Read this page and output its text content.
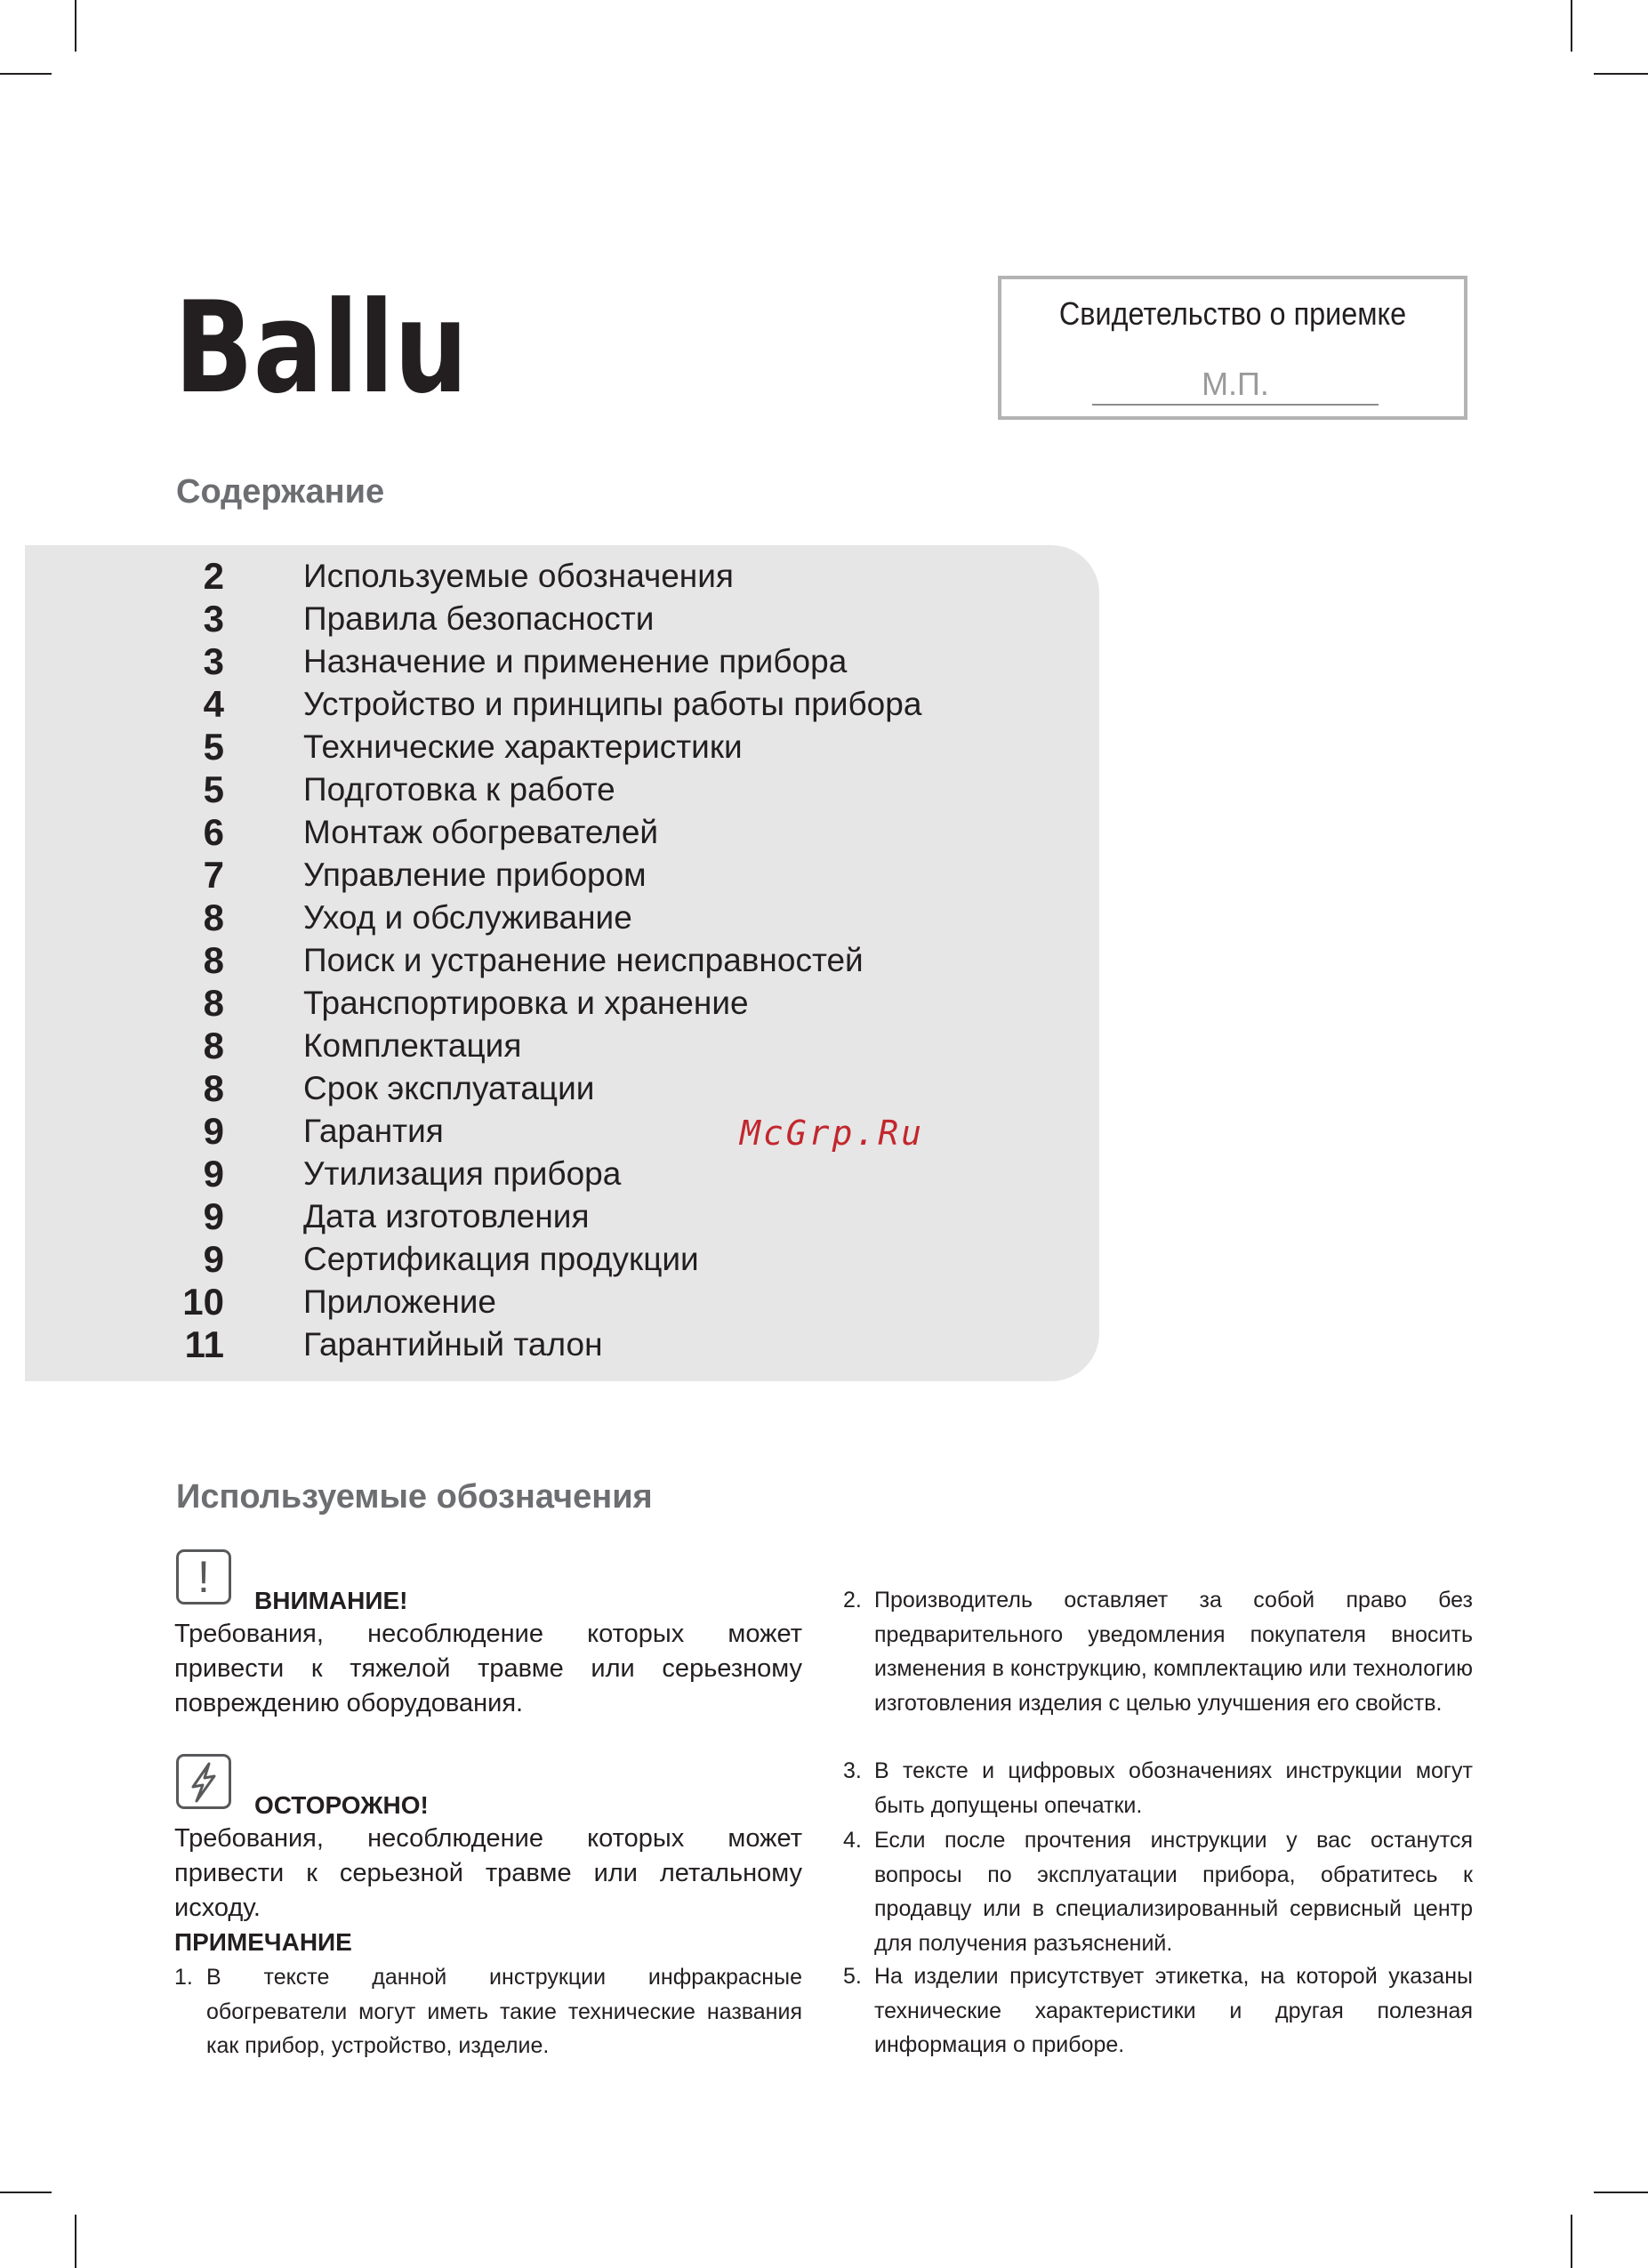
Ballu	Свидетельство о приемке
М.П.
Содержание
2 Используемые обозначения
3 Правила безопасности
3 Назначение и применение прибора
4 Устройство и принципы работы прибора
5 Технические характеристики
5 Подготовка к работе
6 Монтаж обогревателей
7 Управление прибором
8 Уход и обслуживание
8 Поиск и устранение неисправностей
8 Транспортировка и хранение
8 Комплектация
8 Срок эксплуатации
9 Гарантия
9 Утилизация прибора
9 Дата изготовления
9 Сертификация продукции
10 Приложение
11 Гарантийный талон
McGrp.Ru
Используемые обозначения
!	ВНИМАНИЕ!
Требования, несоблюдение которых может привести к тяжелой травме или серьезному повреждению оборудования.
ОСТОРОЖНО!
Требования, несоблюдение которых может привести к серьезной травме или летальному исходу.
ПРИМЕЧАНИЕ
1. В тексте данной инструкции инфракрасные обогреватели могут иметь такие технические названия как прибор, устройство, изделие.
2. Производитель оставляет за собой право без предварительного уведомления покупателя вносить изменения в конструкцию, комплектацию или технологию изготовления изделия с целью улучшения его свойств.
3. В тексте и цифровых обозначениях инструкции могут быть допущены опечатки.
4. Если после прочтения инструкции у вас останутся вопросы по эксплуатации прибора, обратитесь к продавцу или в специализированный сервисный центр для получения разъяснений.
5. На изделии присутствует этикетка, на которой указаны технические характеристики и другая полезная информация о приборе.
